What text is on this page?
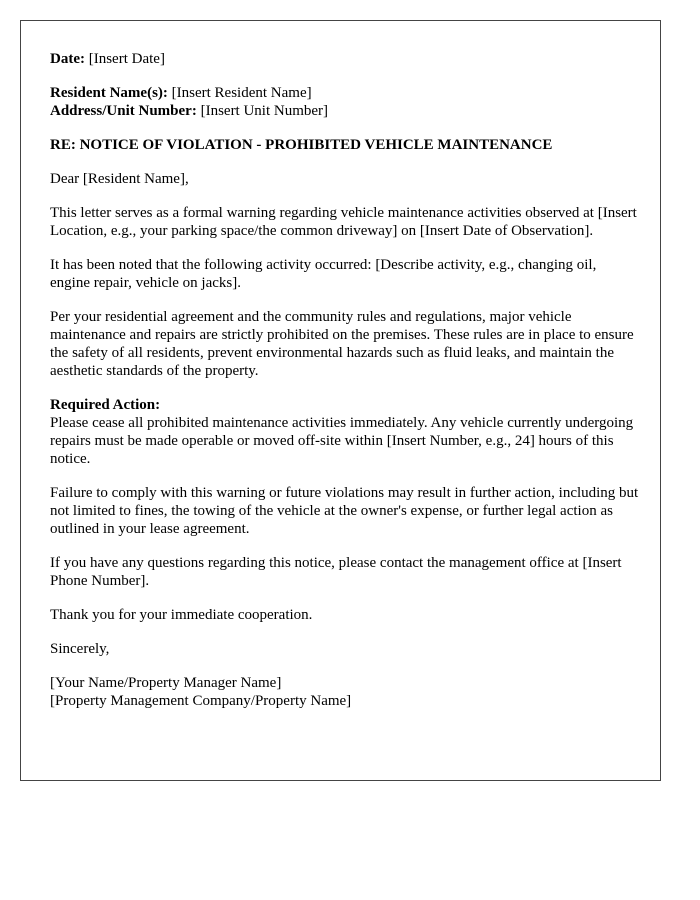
Date: [Insert Date]

Resident Name(s): [Insert Resident Name]
Address/Unit Number: [Insert Unit Number]

RE: NOTICE OF VIOLATION - PROHIBITED VEHICLE MAINTENANCE

Dear [Resident Name],

This letter serves as a formal warning regarding vehicle maintenance activities observed at [Insert Location, e.g., your parking space/the common driveway] on [Insert Date of Observation].

It has been noted that the following activity occurred: [Describe activity, e.g., changing oil, engine repair, vehicle on jacks].

Per your residential agreement and the community rules and regulations, major vehicle maintenance and repairs are strictly prohibited on the premises. These rules are in place to ensure the safety of all residents, prevent environmental hazards such as fluid leaks, and maintain the aesthetic standards of the property.

Required Action:

Please cease all prohibited maintenance activities immediately. Any vehicle currently undergoing repairs must be made operable or moved off-site within [Insert Number, e.g., 24] hours of this notice.

Failure to comply with this warning or future violations may result in further action, including but not limited to fines, the towing of the vehicle at the owner's expense, or further legal action as outlined in your lease agreement.

If you have any questions regarding this notice, please contact the management office at [Insert Phone Number].

Thank you for your immediate cooperation.

Sincerely,

[Your Name/Property Manager Name]
[Property Management Company/Property Name]
